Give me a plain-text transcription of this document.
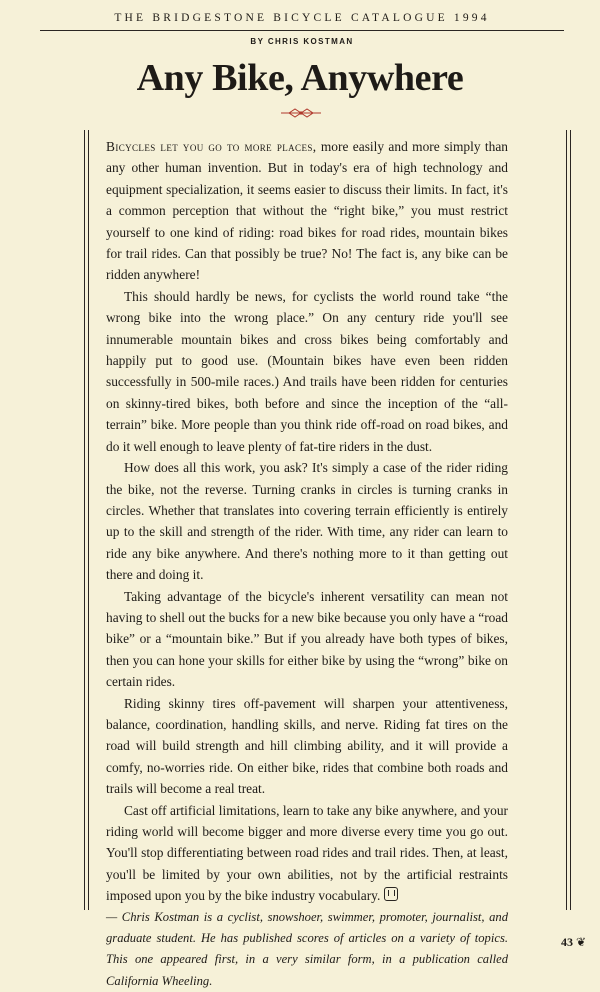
THE BRIDGESTONE BICYCLE CATALOGUE 1994
BY CHRIS KOSTMAN
Any Bike, Anywhere

Bicycles let you go to more places, more easily and more simply than any other human invention. But in today's era of high technology and equipment specialization, it seems easier to discuss their limits. In fact, it's a common perception that without the “right bike,” you must restrict yourself to one kind of riding: road bikes for road rides, mountain bikes for trail rides. Can that possibly be true? No! The fact is, any bike can be ridden anywhere!

This should hardly be news, for cyclists the world round take “the wrong bike into the wrong place.” On any century ride you'll see innumerable mountain bikes and cross bikes being comfortably and happily put to good use. (Mountain bikes have even been ridden successfully in 500-mile races.) And trails have been ridden for centuries on skinny-tired bikes, both before and since the inception of the “all-terrain” bike. More people than you think ride off-road on road bikes, and do it well enough to leave plenty of fat-tire riders in the dust.

How does all this work, you ask? It's simply a case of the rider riding the bike, not the reverse. Turning cranks in circles is turning cranks in circles. Whether that translates into covering terrain efficiently is entirely up to the skill and strength of the rider. With time, any rider can learn to ride any bike anywhere. And there's nothing more to it than getting out there and doing it.

Taking advantage of the bicycle's inherent versatility can mean not having to shell out the bucks for a new bike because you only have a “road bike” or a “mountain bike.” But if you already have both types of bikes, then you can hone your skills for either bike by using the “wrong” bike on certain rides.

Riding skinny tires off-pavement will sharpen your attentiveness, balance, coordination, handling skills, and nerve. Riding fat tires on the road will build strength and hill climbing ability, and it will provide a comfy, no-worries ride. On either bike, rides that combine both roads and trails will become a real treat.

Cast off artificial limitations, learn to take any bike anywhere, and your riding world will become bigger and more diverse every time you go out. You'll stop differentiating between road rides and trail rides. Then, at least, you'll be limited by your own abilities, not by the artificial restraints imposed upon you by the bike industry vocabulary.

— Chris Kostman is a cyclist, snowshoer, swimmer, promoter, journalist, and graduate student. He has published scores of articles on a variety of topics. This one appeared first, in a very similar form, in a publication called California Wheeling.

43 ❦
